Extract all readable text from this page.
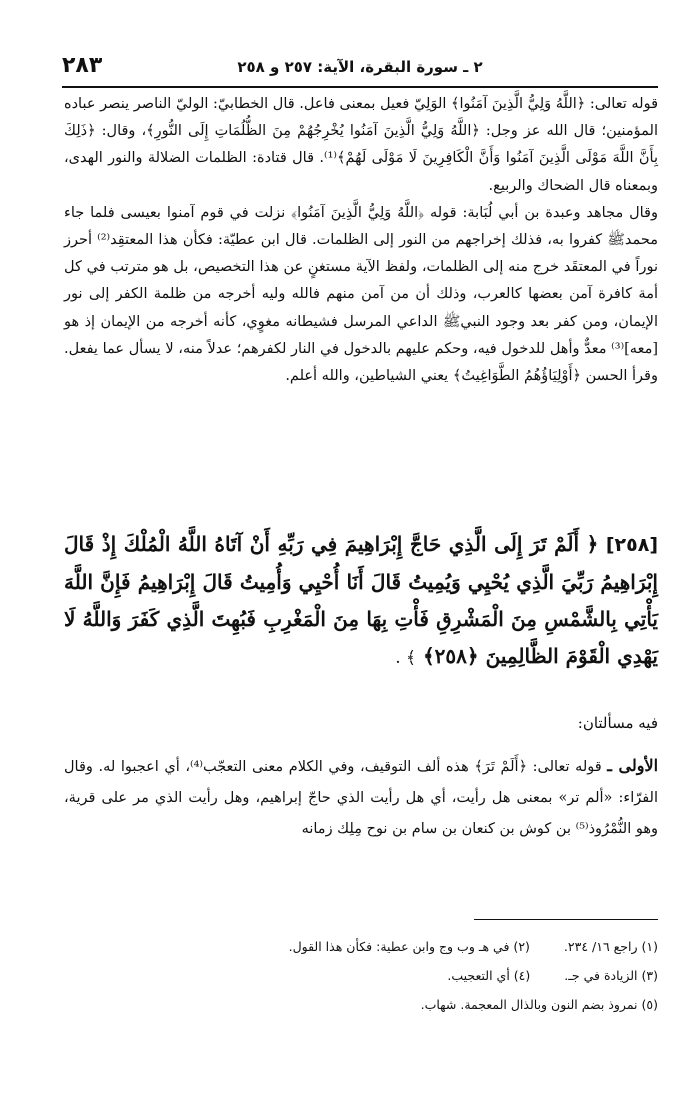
٢ ـ سورة البقرة، الآية: ٢٥٧ و ٢٥٨
٢٨٣

قوله تعالى: ﴿اللَّهُ وَلِيُّ الَّذِينَ آمَنُوا﴾ الوَلِيّ فعيل بمعنى فاعل. قال الخطابيّ: الوليّ الناصر ينصر عباده المؤمنين؛ قال الله عز وجل: ﴿اللَّهُ وَلِيُّ الَّذِينَ آمَنُوا يُخْرِجُهُمْ مِنَ الظُّلُمَاتِ إِلَى النُّورِ﴾، وقال: ﴿ذَلِكَ بِأَنَّ اللَّهَ مَوْلَى الَّذِينَ آمَنُوا وَأَنَّ الْكَافِرِينَ لَا مَوْلَى لَهُمْ﴾⁽¹⁾. قال قتادة: الظلمات الضلالة والنور الهدى، وبمعناه قال الضحاك والربيع.

وقال مجاهد وعبدة بن أبي لُبَابة: قوله ﴿اللَّهُ وَلِيُّ الَّذِينَ آمَنُوا﴾ نزلت في قوم آمنوا بعيسى فلما جاء محمدﷺ كفروا به، فذلك إخراجهم من النور إلى الظلمات. قال ابن عطيّة: فكأن هذا المعتقِد⁽²⁾ أحرز نوراً في المعتقَد خرج منه إلى الظلمات، ولفظ الآية مستغنٍ عن هذا التخصيص، بل هو مترتب في كل أمة كافرة آمن بعضها كالعرب، وذلك أن من آمن منهم فالله وليه أخرجه من ظلمة الكفر إلى نور الإيمان، ومن كفر بعد وجود النبيﷺ الداعي المرسل فشيطانه مغوٍي، كأنه أخرجه من الإيمان إذ هو [معه]⁽³⁾ معدٌّ وأهل للدخول فيه، وحكم عليهم بالدخول في النار لكفرهم؛ عدلاً منه، لا يسأل عما يفعل. وقرأ الحسن ﴿أَوْلِيَاؤُهُمُ الطَّوَاغِيتُ﴾ يعني الشياطين، والله أعلم.

[٢٥٨] ﴿ أَلَمْ تَرَ إِلَى الَّذِي حَاجَّ إِبْرَاهِيمَ فِي رَبِّهِ أَنْ آتَاهُ اللَّهُ الْمُلْكَ إِذْ قَالَ إِبْرَاهِيمُ رَبِّيَ الَّذِي يُحْيِي وَيُمِيتُ قَالَ أَنَا أُحْيِي وَأُمِيتُ قَالَ إِبْرَاهِيمُ فَإِنَّ اللَّهَ يَأْتِي بِالشَّمْسِ مِنَ الْمَشْرِقِ فَأْتِ بِهَا مِنَ الْمَغْرِبِ فَبُهِتَ الَّذِي كَفَرَ وَاللَّهُ لَا يَهْدِي الْقَوْمَ الظَّالِمِينَ ﴿٢٥٨﴾ ﴾ .
فيه مسألتان:
الأولى ـ قوله تعالى: ﴿أَلَمْ تَرَ﴾ هذه ألف التوقيف، وفي الكلام معنى التعجّب⁽⁴⁾، أي اعجبوا له. وقال الفرّاء: «ألم تر» بمعنى هل رأيت، أي هل رأيت الذي حاجّ إبراهيم، وهل رأيت الذي مر على قرية، وهو النُّمْرُوذ⁽⁵⁾ بن كوش بن كنعان بن سام بن نوح مِلِك زمانه
(١) راجع ١٦/ ٢٣٤. (٢) في هـ وب وج وابن عطية: فكأن هذا القول.
(٣) الزيادة في جـ. (٤) أي التعجيب.
(٥) نمروذ بضم النون وبالذال المعجمة. شهاب.
